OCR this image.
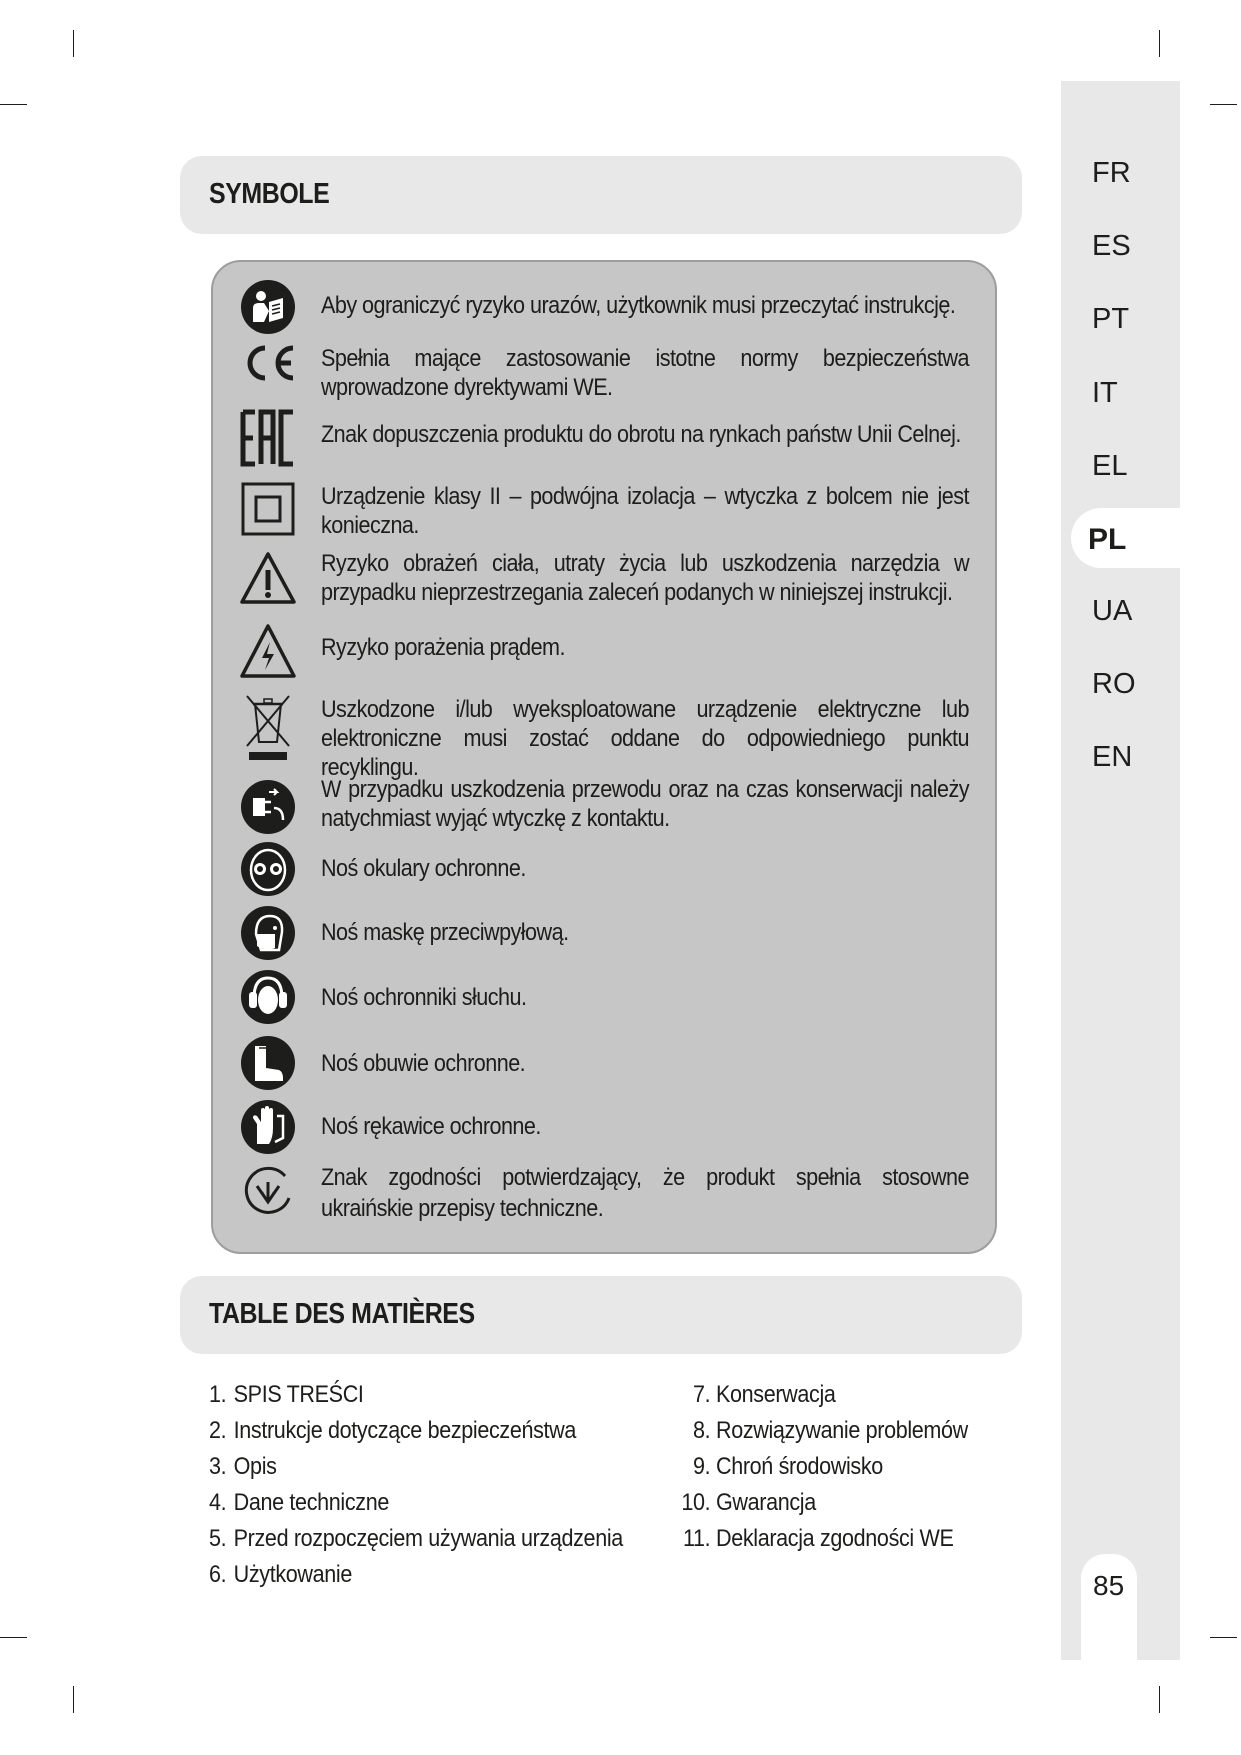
FR
ES
PT
IT
EL
PL
UA
RO
EN
85
SYMBOLE
Aby ograniczyć ryzyko urazów, użytkownik musi przeczytać instrukcję.
Spełnia mające zastosowanie istotne normy bezpieczeństwa wprowadzone dyrektywami WE.
Znak dopuszczenia produktu do obrotu na rynkach państw Unii Celnej.
Urządzenie klasy II – podwójna izolacja – wtyczka z bolcem nie jest konieczna.
Ryzyko obrażeń ciała, utraty życia lub uszkodzenia narzędzia w przypadku nieprzestrzegania zaleceń podanych w niniejszej instrukcji.
Ryzyko porażenia prądem.
Uszkodzone i/lub wyeksploatowane urządzenie elektryczne lub elektroniczne musi zostać oddane do odpowiedniego punktu recyklingu.
W przypadku uszkodzenia przewodu oraz na czas konserwacji należy natychmiast wyjąć wtyczkę z kontaktu.
Noś okulary ochronne.
Noś maskę przeciwpyłową.
Noś ochronniki słuchu.
Noś obuwie ochronne.
Noś rękawice ochronne.
Znak zgodności potwierdzający, że produkt spełnia stosowne ukraińskie przepisy techniczne.
TABLE DES MATIÈRES
1. SPIS TREŚCI
2. Instrukcje dotyczące bezpieczeństwa
3. Opis
4. Dane techniczne
5. Przed rozpoczęciem używania urządzenia
6. Użytkowanie
7. Konserwacja
8. Rozwiązywanie problemów
9. Chroń środowisko
10. Gwarancja
11. Deklaracja zgodności WE
